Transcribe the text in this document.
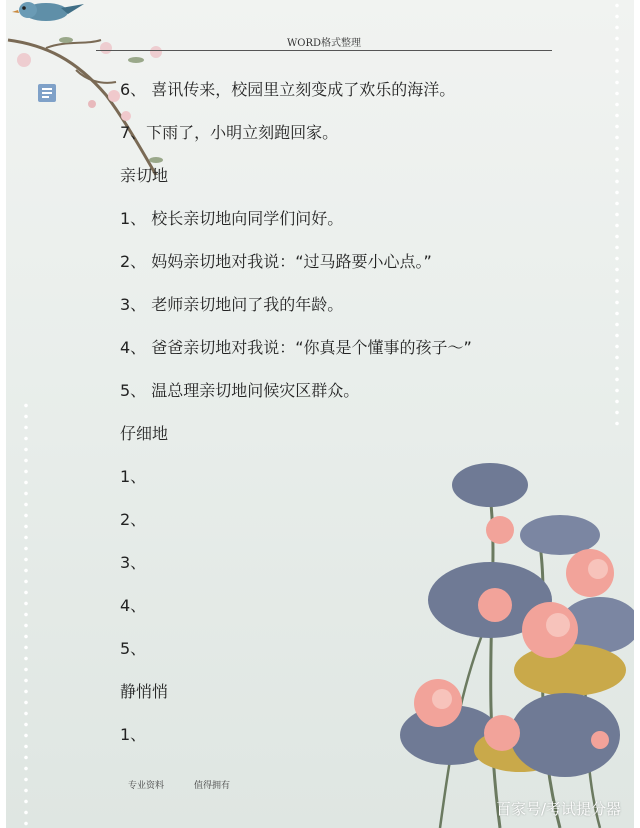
WORD格式整理
6、 喜讯传来，校园里立刻变成了欢乐的海洋。
7、下雨了，小明立刻跑回家。
亲切地
1、 校长亲切地向同学们问好。
2、 妈妈亲切地对我说：“过马路要小心点。”
3、 老师亲切地问了我的年龄。
4、 爸爸亲切地对我说：“你真是个懂事的孩子～”
5、 温总理亲切地问候灾区群众。
仔细地
1、
2、
3、
4、
5、
静悄悄
1、
专业资料	值得拥有
百家号/考试提分器
